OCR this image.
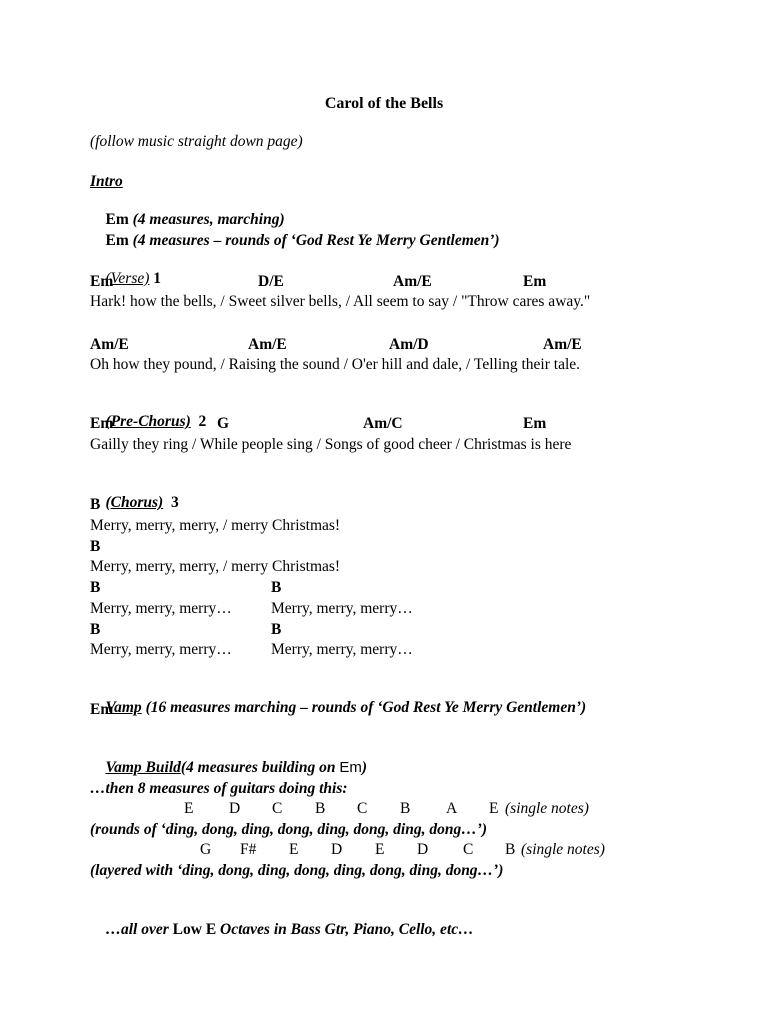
Carol of the Bells
(follow music straight down page)
Intro

Em (4 measures, marching)

Em (4 measures – rounds of ‘God Rest Ye Merry Gentlemen’)

(Verse) 1

Em	D/E	Am/E	Em
Hark! how the bells, / Sweet silver bells, / All seem to say / "Throw cares away."
Am/E	Am/E	Am/D	Am/E
Oh how they pound, / Raising the sound / O'er hill and dale, / Telling their tale.

(Pre-Chorus) 2

Em	G	Am/C	Em
Gailly they ring / While people sing / Songs of good cheer / Christmas is here

(Chorus) 3

B
Merry, merry, merry, / merry Christmas!
B
Merry, merry, merry, / merry Christmas!
B	B
Merry, merry, merry…	Merry, merry, merry…
B	B
Merry, merry, merry…	Merry, merry, merry…

Vamp (16 measures marching – rounds of ‘God Rest Ye Merry Gentlemen’)

Em

Vamp Build(4 measures building on Em)

…then 8 measures of guitars doing this:
E D C B C B A E (single notes)
(rounds of ‘ding, dong, ding, dong, ding, dong, ding, dong…’)
G F# E D E D C B (single notes)
(layered with ‘ding, dong, ding, dong, ding, dong, ding, dong…’)

…all over Low E Octaves in Bass Gtr, Piano, Cello, etc…
